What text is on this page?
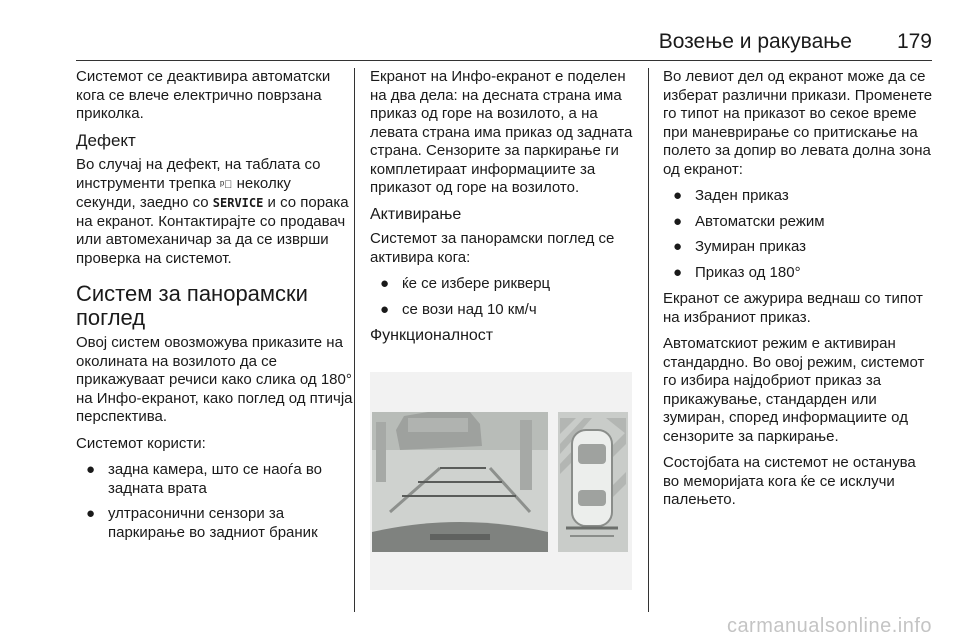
Возење и ракување 179

Системот се деактивира автоматски кога се влече електрично поврзана приколка.

Дефект

Во случај на дефект, на таблата со инструменти трепка ᵖ⃝ неколку секунди, заедно со SERVICE и со порака на екранот. Контактирајте со продавач или автомеханичар за да се изврши проверка на системот.

Систем за панорамски поглед

Овој систем овозможува приказите на околината на возилото да се прикажуваат речиси како слика од 180° на Инфо-екранот, како поглед од птичја перспектива.

Системот користи:

● задна камера, што се наоѓа во задната врата
● ултрасонични сензори за паркирање во задниот браник

Екранот на Инфо-екранот е поделен на два дела: на десната страна има приказ од горе на возилото, а на левата страна има приказ од задната страна. Сензорите за паркирање ги комплетираат информациите за приказот од горе на возилото.

Активирање

Системот за панорамски поглед се активира кога:

● ќе се избере рикверц
● се вози над 10 км/ч
Функционалност

Во левиот дел од екранот може да се изберат различни прикази. Променете го типот на приказот во секое време при маневрирање со притискање на полето за допир во левата долна зона од екранот:

● Заден приказ
● Автоматски режим
● Зумиран приказ
● Приказ од 180°

Екранот се ажурира веднаш со типот на избраниот приказ.

Автоматскиот режим е активиран стандардно. Во овој режим, системот го избира најдобриот приказ за прикажување, стандарден или зумиран, според информациите од сензорите за паркирање.

Состојбата на системот не останува во меморијата кога ќе се исклучи палењето.

carmanualsonline.info
